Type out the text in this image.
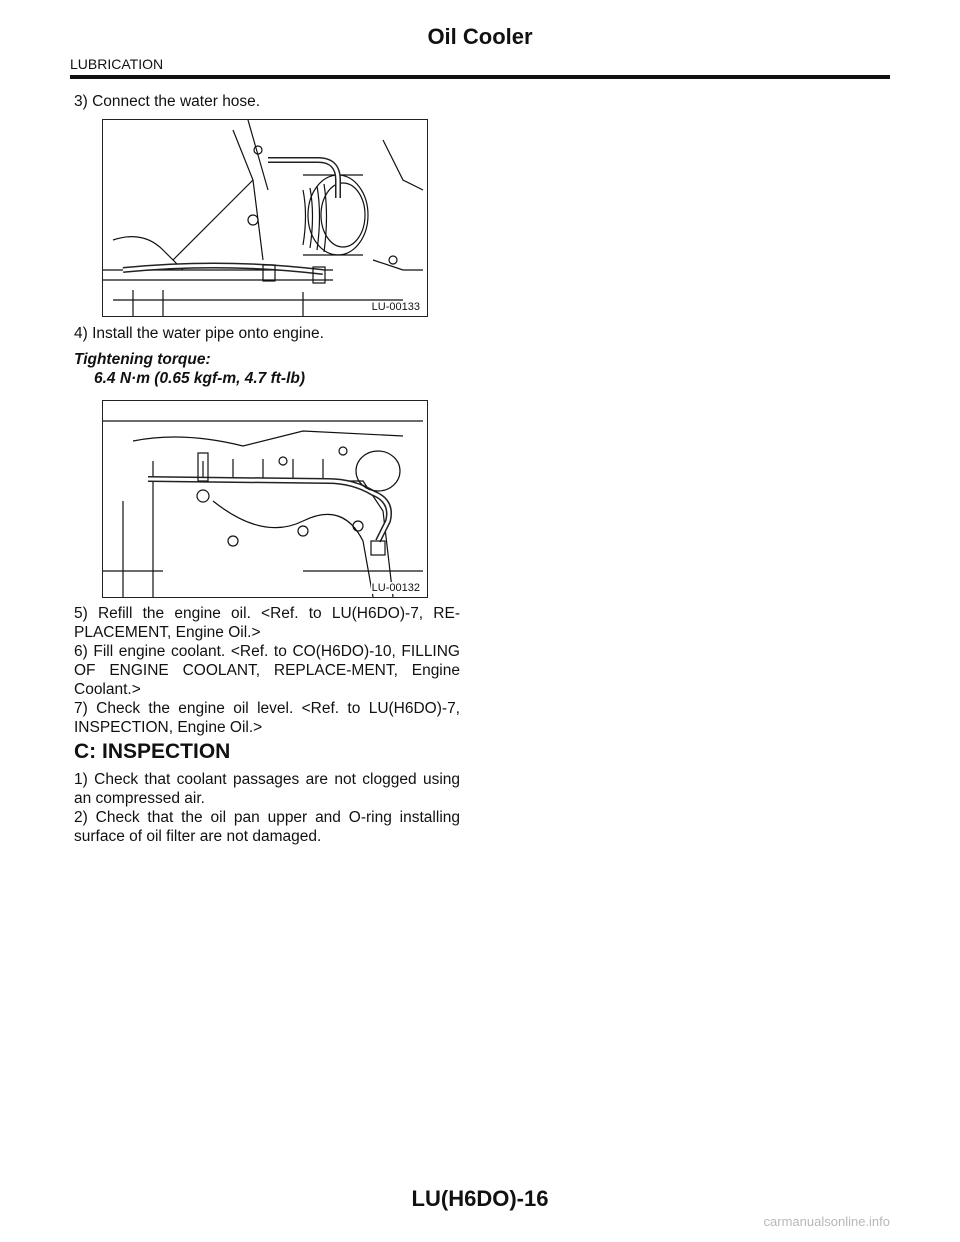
Oil Cooler
LUBRICATION

3) Connect the water hose.

LU-00133

4) Install the water pipe onto engine.

Tightening torque:

6.4 N·m (0.65 kgf-m, 4.7 ft-lb)

LU-00132

5) Refill the engine oil. <Ref. to LU(H6DO)-7, RE-PLACEMENT, Engine Oil.>

6) Fill engine coolant. <Ref. to CO(H6DO)-10, FILLING OF ENGINE COOLANT, REPLACE-MENT, Engine Coolant.>

7) Check the engine oil level. <Ref. to LU(H6DO)-7, INSPECTION, Engine Oil.>

C: INSPECTION

1) Check that coolant passages are not clogged using an compressed air.

2) Check that the oil pan upper and O-ring installing surface of oil filter are not damaged.

LU(H6DO)-16
carmanualsonline.info
